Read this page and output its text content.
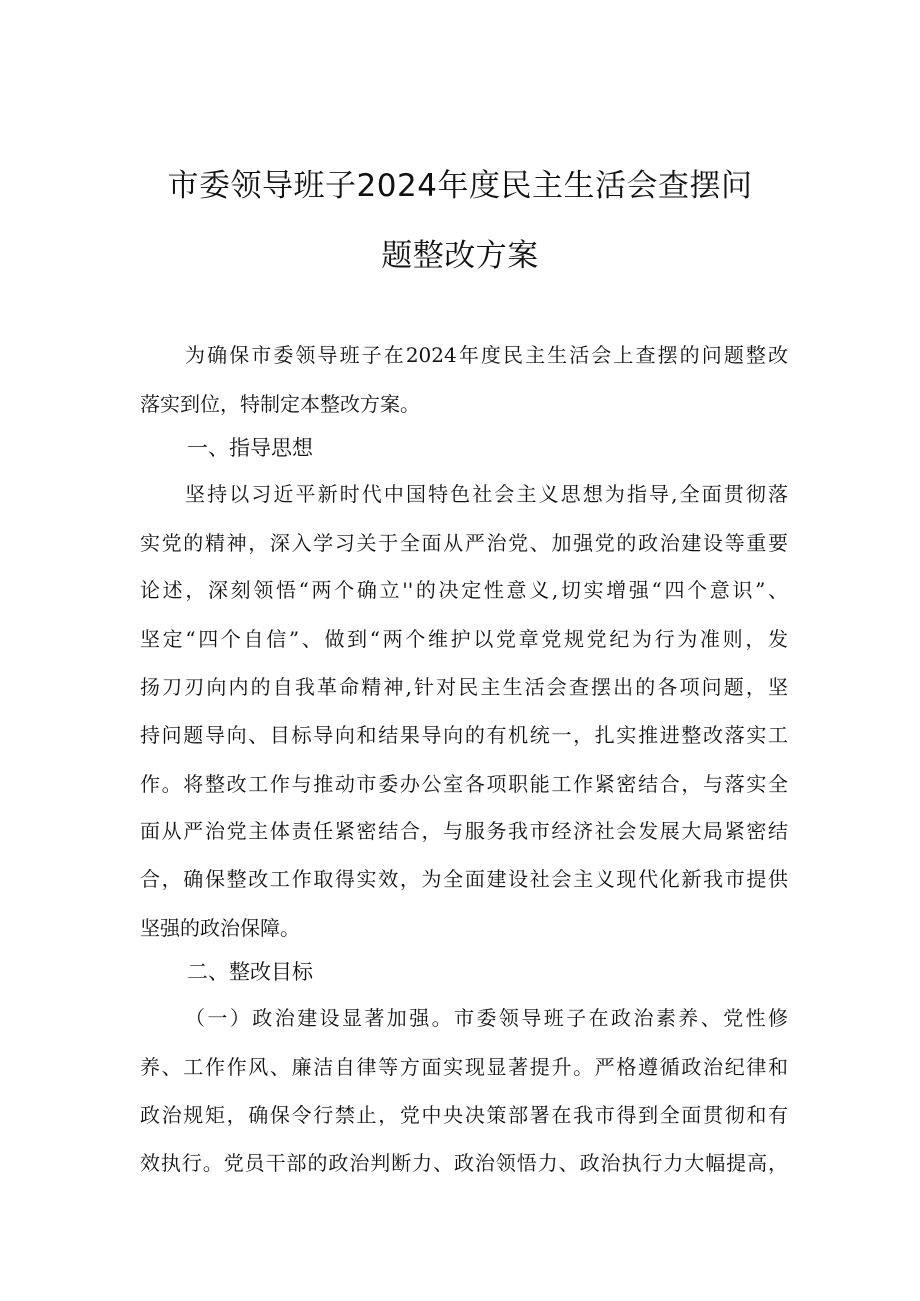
市委领导班子2024年度民主生活会查摆问
题整改方案
为确保市委领导班子在2024年度民主生活会上查摆的问题整改
落实到位，特制定本整改方案。
一、指导思想
坚持以习近平新时代中国特色社会主义思想为指导,全面贯彻落
实党的精神，深入学习关于全面从严治党、加强党的政治建设等重要
论述，深刻领悟“两个确立''的决定性意义,切实增强“四个意识”、
坚定“四个自信”、做到“两个维护以党章党规党纪为行为准则，发
扬刀刃向内的自我革命精神,针对民主生活会查摆出的各项问题，坚
持问题导向、目标导向和结果导向的有机统一，扎实推进整改落实工
作。将整改工作与推动市委办公室各项职能工作紧密结合，与落实全
面从严治党主体责任紧密结合，与服务我市经济社会发展大局紧密结
合，确保整改工作取得实效，为全面建设社会主义现代化新我市提供
坚强的政治保障。
二、整改目标
（一）政治建设显著加强。市委领导班子在政治素养、党性修
养、工作作风、廉洁自律等方面实现显著提升。严格遵循政治纪律和
政治规矩，确保令行禁止，党中央决策部署在我市得到全面贯彻和有
效执行。党员干部的政治判断力、政治领悟力、政治执行力大幅提高，
